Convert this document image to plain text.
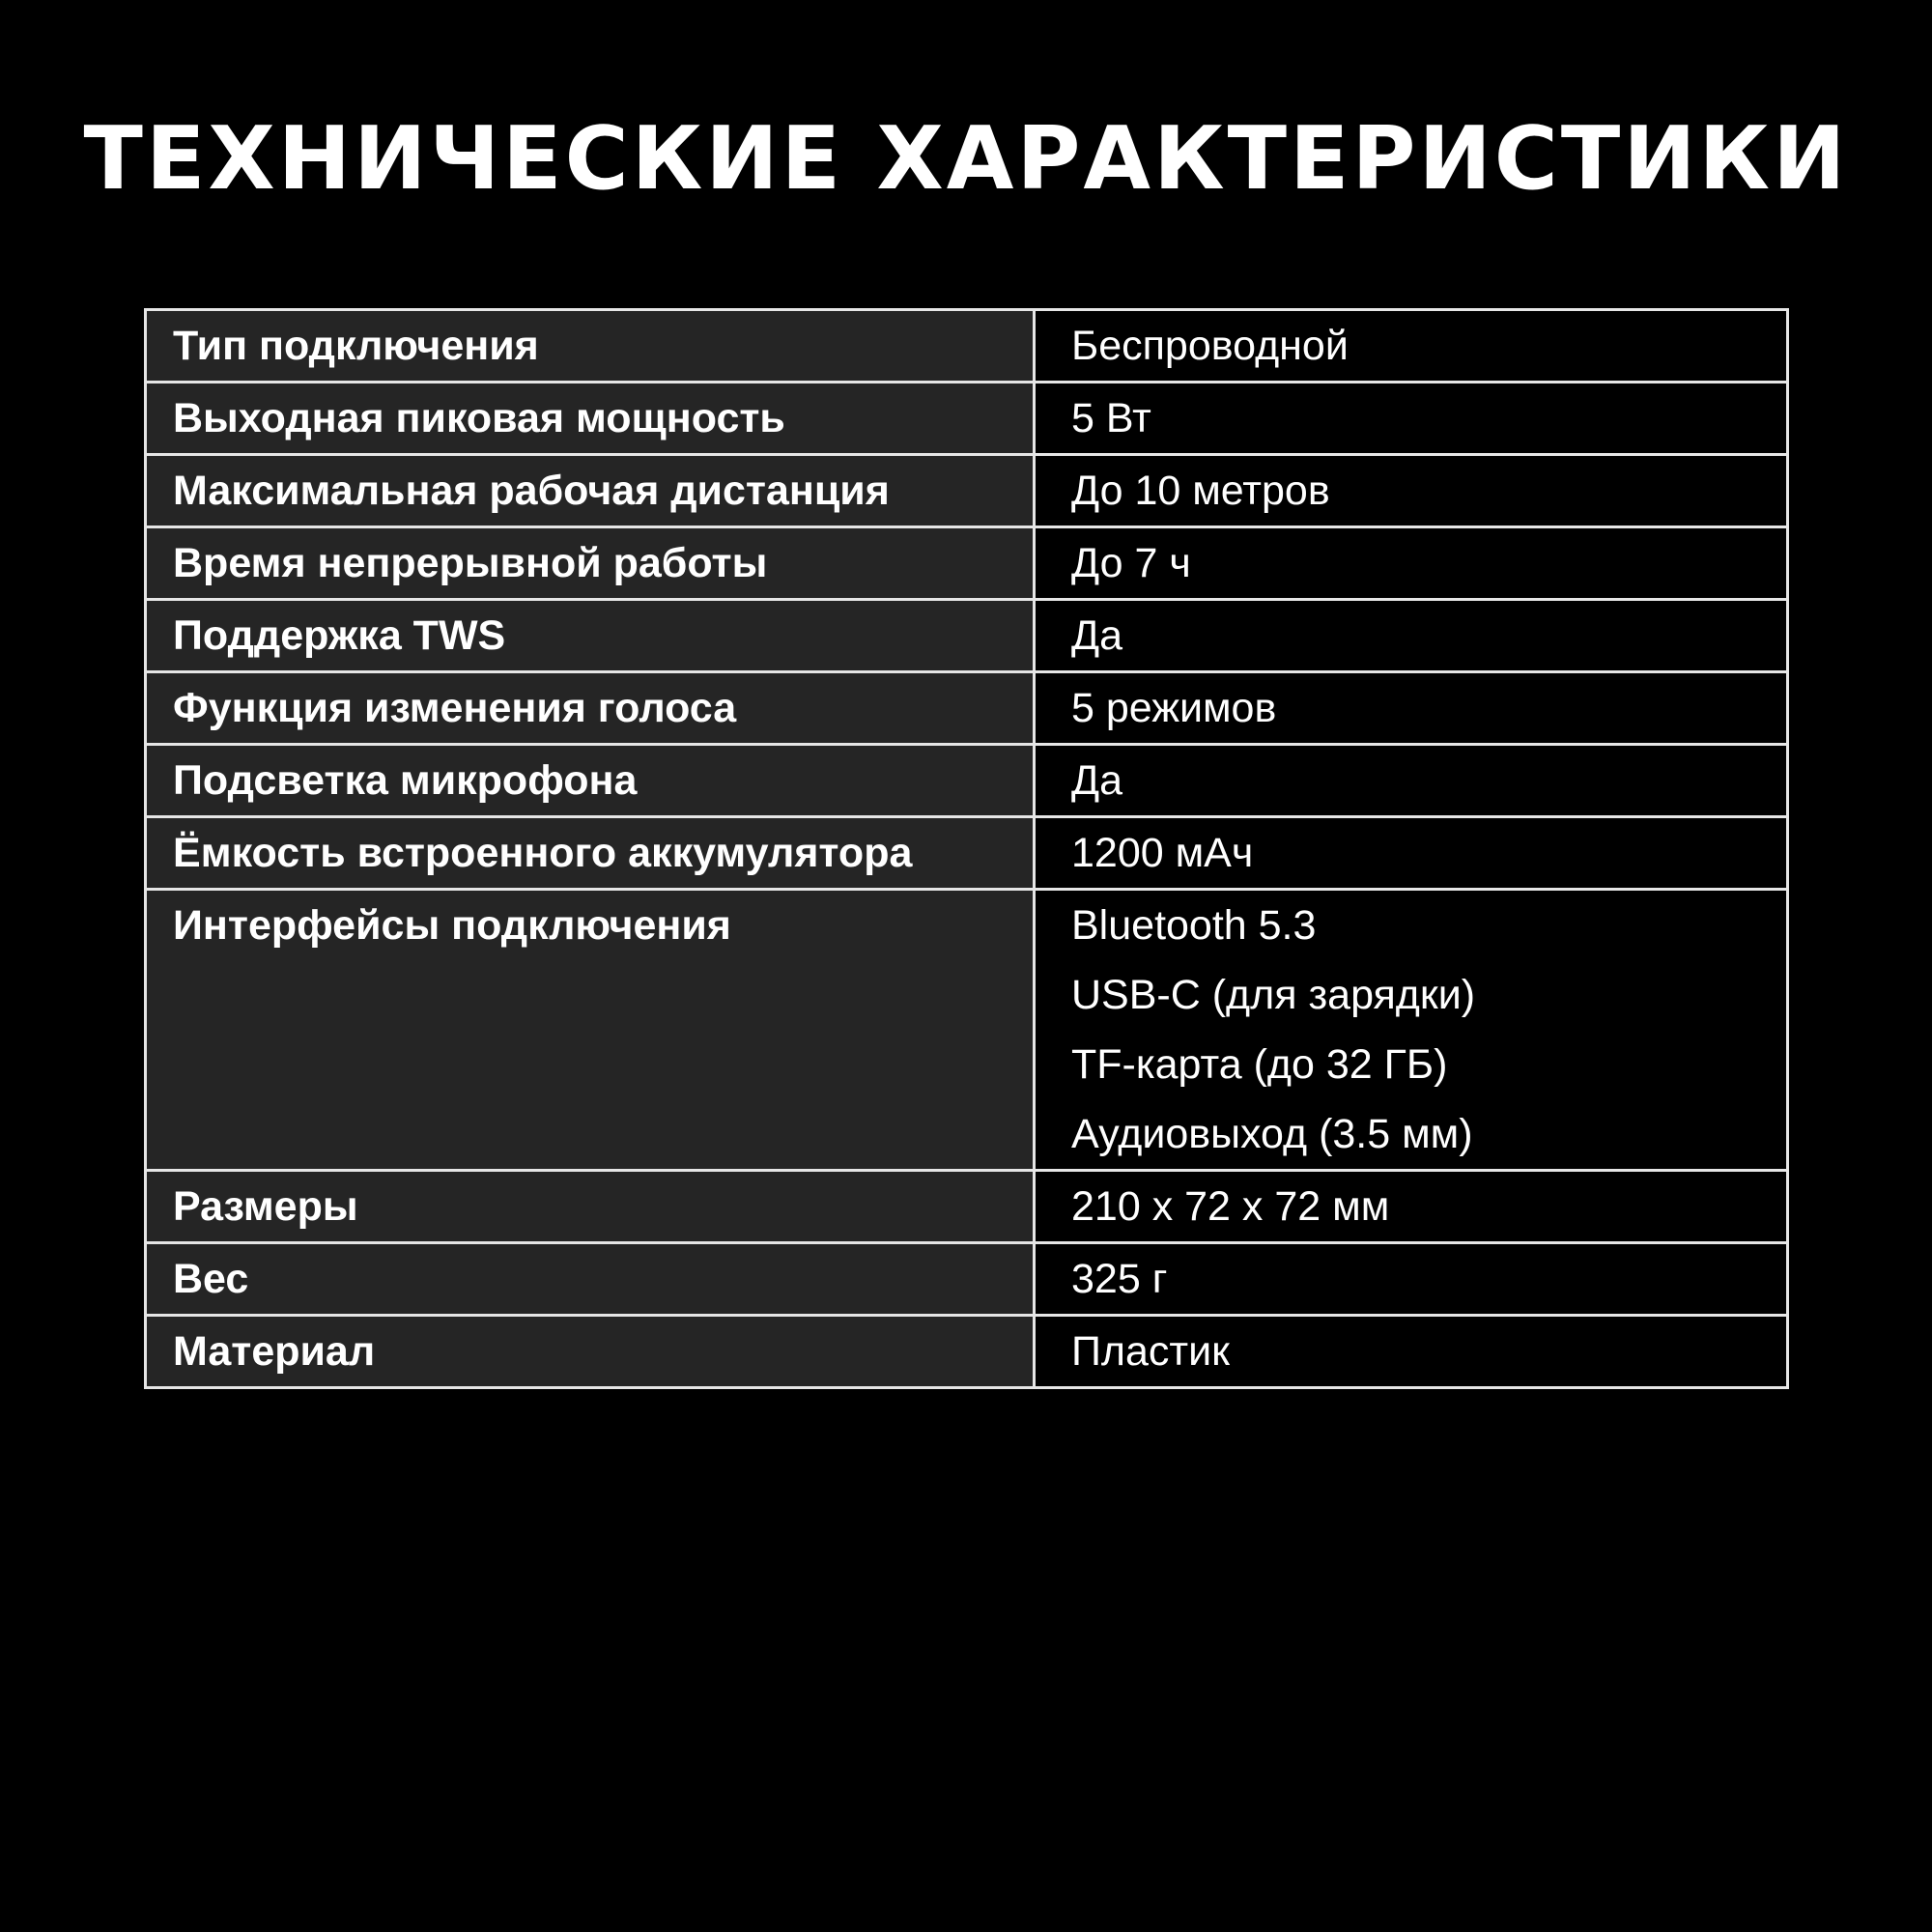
ТЕХНИЧЕСКИЕ ХАРАКТЕРИСТИКИ
Тип подключения	Беспроводной

Выходная пиковая мощность	5 Вт

Максимальная рабочая дистанция	До 10 метров

Время непрерывной работы	До 7 ч

Поддержка TWS	Да

Функция изменения голоса	5 режимов

Подсветка микрофона	Да

Ёмкость встроенного аккумулятора	1200 мАч

Интерфейсы подключения	Bluetooth 5.3
USB-C (для зарядки)
TF-карта (до 32 ГБ)
Аудиовыход (3.5 мм)

Размеры	210 x 72 x 72 мм

Вес	325 г

Материал	Пластик
